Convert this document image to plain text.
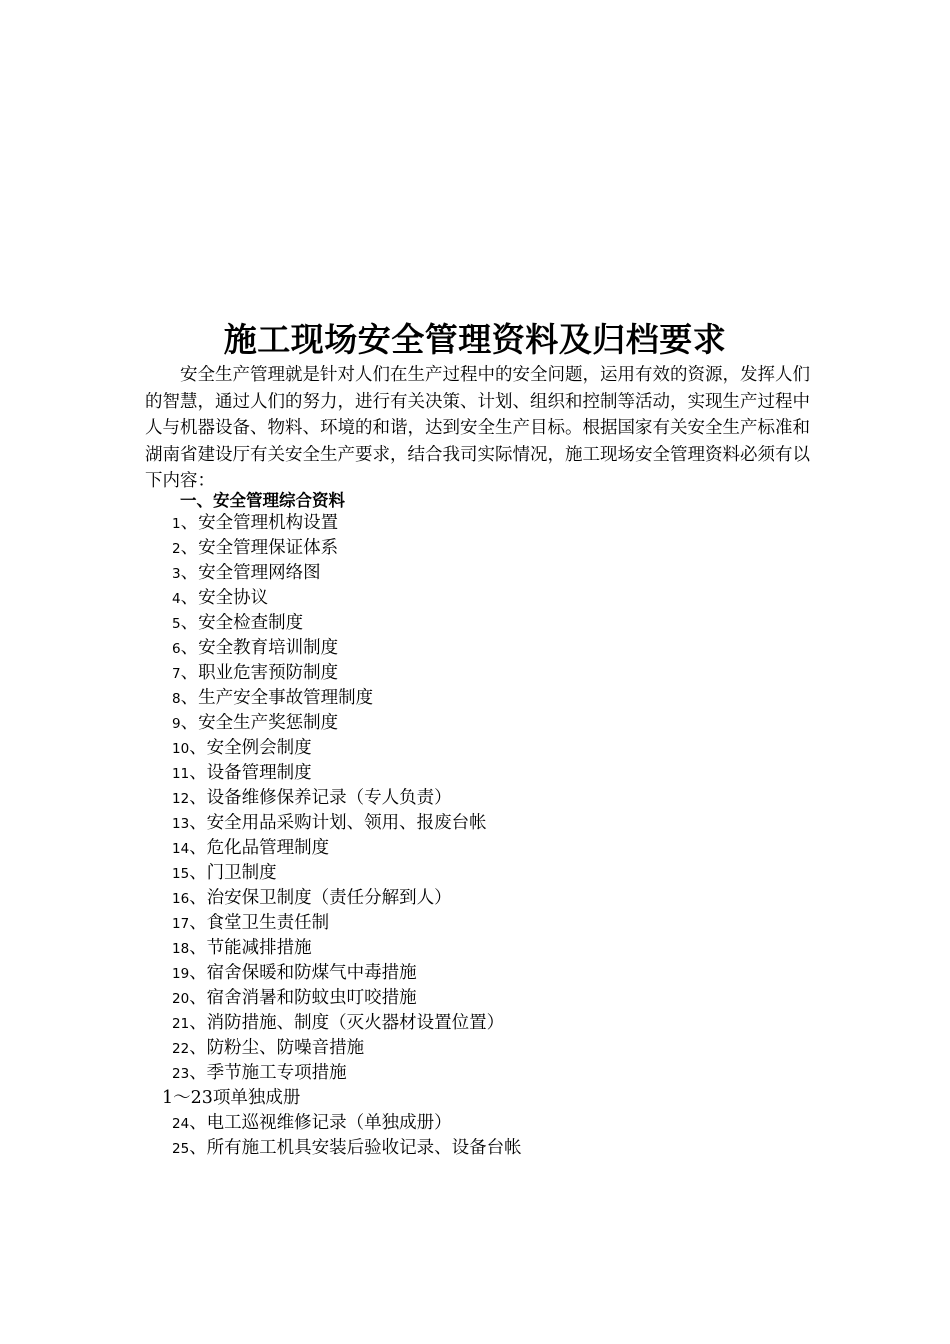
施工现场安全管理资料及归档要求
安全生产管理就是针对人们在生产过程中的安全问题，运用有效的资源，发挥人们的智慧，通过人们的努力，进行有关决策、计划、组织和控制等活动，实现生产过程中人与机器设备、物料、环境的和谐，达到安全生产目标。根据国家有关安全生产标准和湖南省建设厅有关安全生产要求，结合我司实际情况，施工现场安全管理资料必须有以下内容：
一、安全管理综合资料
1、安全管理机构设置
2、安全管理保证体系
3、安全管理网络图
4、安全协议
5、安全检查制度
6、安全教育培训制度
7、职业危害预防制度
8、生产安全事故管理制度
9、安全生产奖惩制度
10、安全例会制度
11、设备管理制度
12、设备维修保养记录（专人负责）
13、安全用品采购计划、领用、报废台帐
14、危化品管理制度
15、门卫制度
16、治安保卫制度（责任分解到人）
17、食堂卫生责任制
18、节能减排措施
19、宿舍保暖和防煤气中毒措施
20、宿舍消暑和防蚊虫叮咬措施
21、消防措施、制度（灭火器材设置位置）
22、防粉尘、防噪音措施
23、季节施工专项措施
1～23项单独成册
24、电工巡视维修记录（单独成册）
25、所有施工机具安装后验收记录、设备台帐
